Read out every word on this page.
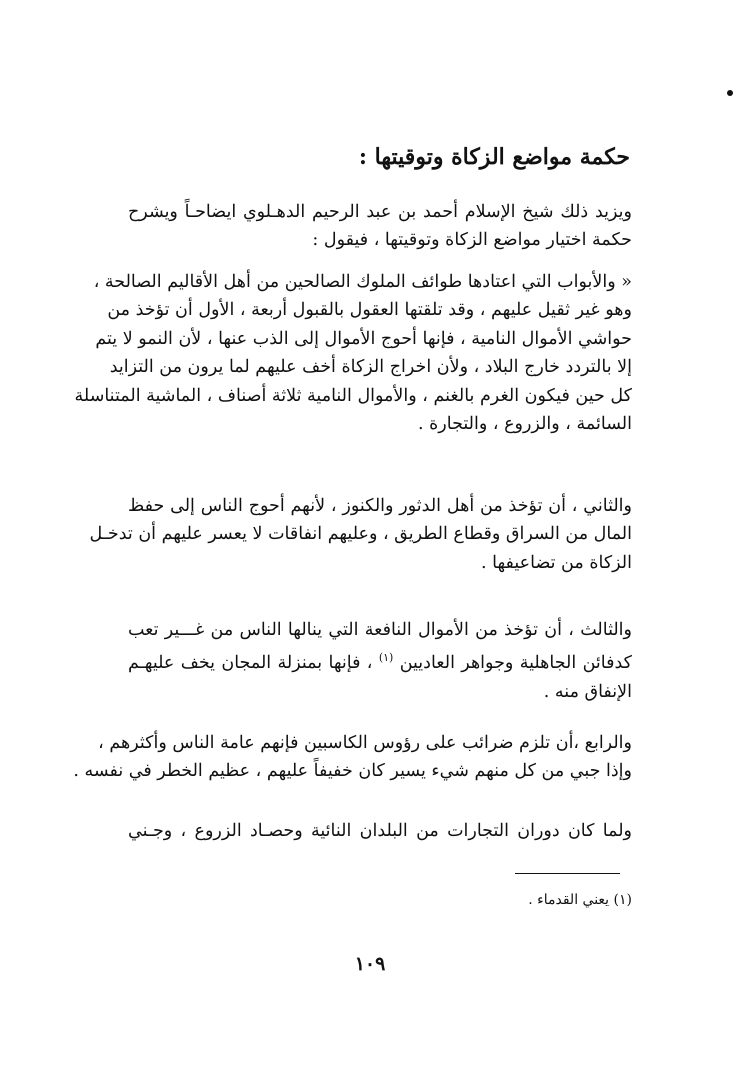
حكمة مواضع الزكاة وتوقيتها :

ويزيد ذلك شيخ الإسلام أحمد بن عبد الرحيم الدهـلوي ايضاحـاً ويشرح
حكمة اختيار مواضع الزكاة وتوقيتها ، فيقول :

« والأبواب التي اعتادها طوائف الملوك الصالحين من أهل الأقاليم الصالحة ،
وهو غير ثقيل عليهم ، وقد تلقتها العقول بالقبول أربعة ، الأول أن تؤخذ من
حواشي الأموال النامية ، فإنها أحوج الأموال إلى الذب عنها ، لأن النمو لا يتم
إلا بالتردد خارج البلاد ، ولأن اخراج الزكاة أخف عليهم لما يرون من التزايد
كل حين فيكون الغرم بالغنم ، والأموال النامية ثلاثة أصناف ، الماشية المتناسلة
السائمة ، والزروع ، والتجارة .

والثاني ، أن تؤخذ من أهل الدثور والكنوز ، لأنهم أحوج الناس إلى حفظ
المال من السراق وقطاع الطريق ، وعليهم انفاقات لا يعسر عليهم أن تدخـل
الزكاة من تضاعيفها .

والثالث ، أن تؤخذ من الأموال النافعة التي ينالها الناس من غـــير تعب
كدفائن الجاهلية وجواهر العاديين $^{(١)}$ ، فإنها بمنزلة المجان يخف عليهـم
الإنفاق منه .

والرابع ،أن تلزم ضرائب على رؤوس الكاسبين فإنهم عامة الناس وأكثرهم ،
وإذا جبي من كل منهم شيء يسير كان خفيفاً عليهم ، عظيم الخطر في نفسه .

ولما كان دوران التجارات من البلدان النائية وحصـاد الزروع ، وجـني

(١) يعني القدماء .
١٠٩
